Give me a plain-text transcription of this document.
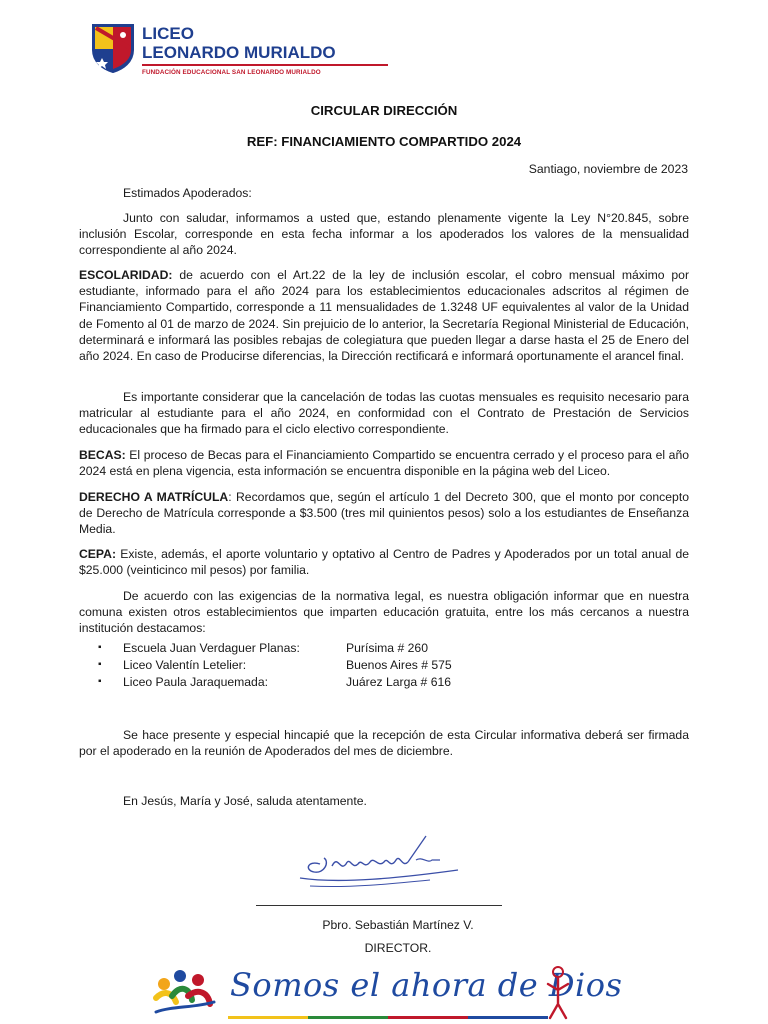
LICEO
LEONARDO MURIALDO
FUNDACIÓN EDUCACIONAL SAN LEONARDO MURIALDO
CIRCULAR DIRECCIÓN
REF: FINANCIAMIENTO COMPARTIDO 2024
Santiago, noviembre de 2023

Estimados Apoderados:

Junto con saludar, informamos a usted que, estando plenamente vigente la Ley N°20.845, sobre inclusión Escolar, corresponde en esta fecha informar a los apoderados los valores de la mensualidad correspondiente al año 2024.

ESCOLARIDAD: de acuerdo con el Art.22 de la ley de inclusión escolar, el cobro mensual máximo por estudiante, informado para el año 2024 para los establecimientos educacionales adscritos al régimen de Financiamiento Compartido, corresponde a 11 mensualidades de 1.3248 UF equivalentes al valor de la Unidad de Fomento al 01 de marzo de 2024. Sin prejuicio de lo anterior, la Secretaría Regional Ministerial de Educación, determinará e informará las posibles rebajas de colegiatura que pueden llegar a darse hasta el 25 de Enero del año 2024. En caso de Producirse diferencias, la Dirección rectificará e informará oportunamente el arancel final.

Es importante considerar que la cancelación de todas las cuotas mensuales es requisito necesario para matricular al estudiante para el año 2024, en conformidad con el Contrato de Prestación de Servicios educacionales que ha firmado para el ciclo electivo correspondiente.

BECAS: El proceso de Becas para el Financiamiento Compartido se encuentra cerrado y el proceso para el año 2024 está en plena vigencia, esta información se encuentra disponible en la página web del Liceo.

DERECHO A MATRÍCULA: Recordamos que, según el artículo 1 del Decreto 300, que el monto por concepto de Derecho de Matrícula corresponde a $3.500 (tres mil quinientos pesos) solo a los estudiantes de Enseñanza Media.

CEPA: Existe, además, el aporte voluntario y optativo al Centro de Padres y Apoderados por un total anual de $25.000 (veinticinco mil pesos) por familia.

De acuerdo con las exigencias de la normativa legal, es nuestra obligación informar que en nuestra comuna existen otros establecimientos que imparten educación gratuita, entre los más cercanos a nuestra institución destacamos:

▪ Escuela Juan Verdaguer Planas:	Purísima # 260
▪ Liceo Valentín Letelier:	Buenos Aires # 575
▪ Liceo Paula Jaraquemada:	Juárez Larga # 616

Se hace presente y especial hincapié que la recepción de esta Circular informativa deberá ser firmada por el apoderado en la reunión de Apoderados del mes de diciembre.

En Jesús, María y José, saluda atentamente.

Pbro. Sebastián Martínez V.
DIRECTOR.
Somos el ahora de Dios
